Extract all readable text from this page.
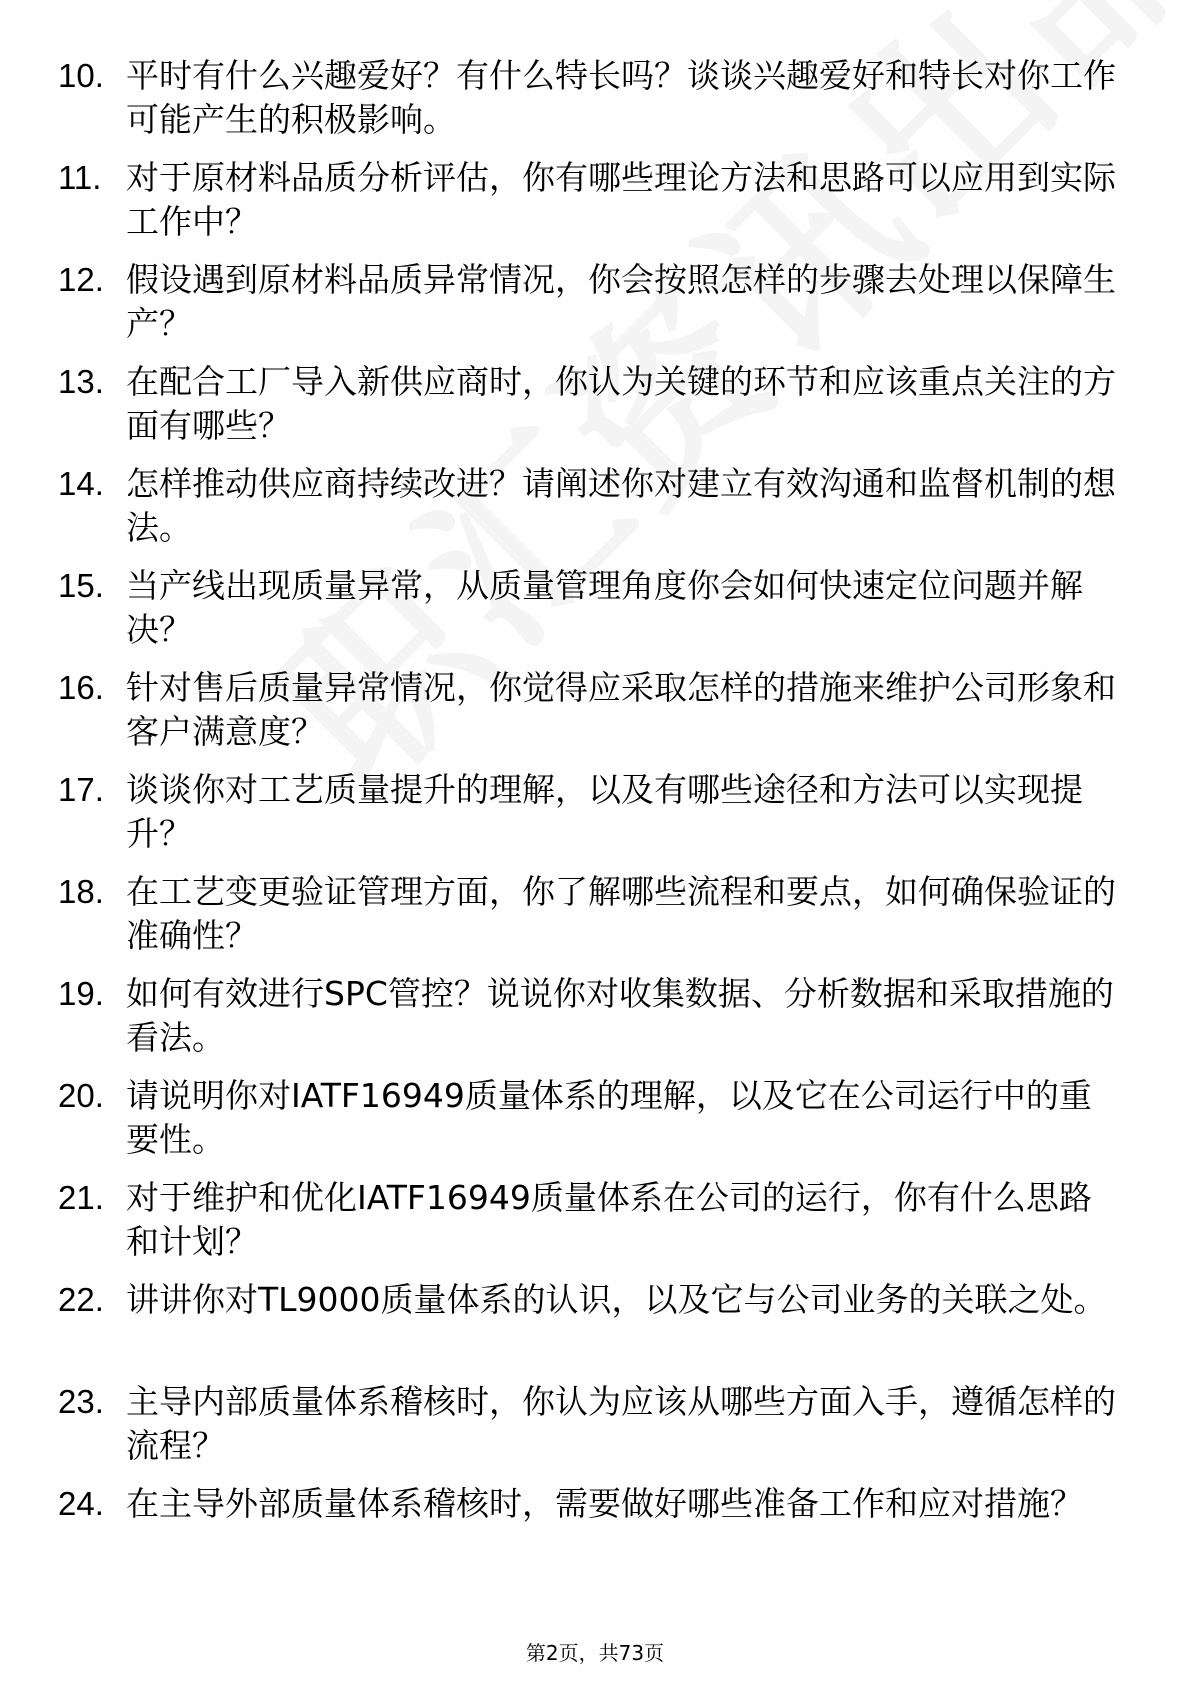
10. 平时有什么兴趣爱好？有什么特长吗？谈谈兴趣爱好和特长对你工作可能产生的积极影响。
11. 对于原材料品质分析评估，你有哪些理论方法和思路可以应用到实际工作中？
12. 假设遇到原材料品质异常情况，你会按照怎样的步骤去处理以保障生产？
13. 在配合工厂导入新供应商时，你认为关键的环节和应该重点关注的方面有哪些？
14. 怎样推动供应商持续改进？请阐述你对建立有效沟通和监督机制的想法。
15. 当产线出现质量异常，从质量管理角度你会如何快速定位问题并解决？
16. 针对售后质量异常情况，你觉得应采取怎样的措施来维护公司形象和客户满意度？
17. 谈谈你对工艺质量提升的理解，以及有哪些途径和方法可以实现提升？
18. 在工艺变更验证管理方面，你了解哪些流程和要点，如何确保验证的准确性？
19. 如何有效进行SPC管控？说说你对收集数据、分析数据和采取措施的看法。
20. 请说明你对IATF16949质量体系的理解，以及它在公司运行中的重要性。
21. 对于维护和优化IATF16949质量体系在公司的运行，你有什么思路和计划？
22. 讲讲你对TL9000质量体系的认识，以及它与公司业务的关联之处。
23. 主导内部质量体系稽核时，你认为应该从哪些方面入手，遵循怎样的流程？
24. 在主导外部质量体系稽核时，需要做好哪些准备工作和应对措施？
第2页，共73页
